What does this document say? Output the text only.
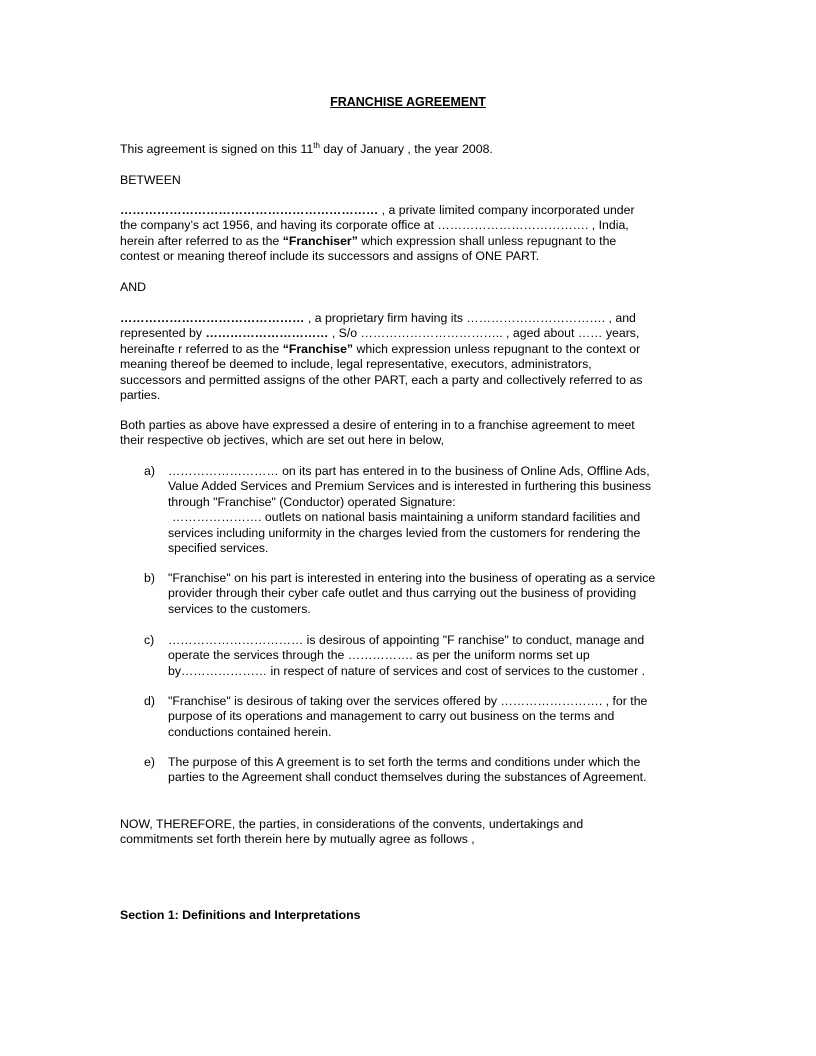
FRANCHISE AGREEMENT

This agreement is signed on this 11th day of January , the year 2008.

BETWEEN

……………………………………………………… , a private limited company incorporated under
the company’s act 1956, and having its corporate office at ………………………………. , India,
herein after referred to as the “Franchiser” which expression shall unless repugnant to the
contest or meaning thereof include its successors and assigns of ONE PART.

AND

……………………………………… , a proprietary firm having its ……………………………. , and
represented by ………………………… , S/o …………………………….. , aged about …… years,
hereinafte r referred to as the “Franchise” which expression unless repugnant to the context or
meaning thereof be deemed to include, legal representative, executors, administrators,
successors and permitted assigns of the other PART, each a party and collectively referred to as
parties.

Both parties as above have expressed a desire of entering in to a franchise agreement to meet
their respective ob jectives, which are set out here in below,

a)	……………………… on its part has entered in to the business of Online Ads, Offline Ads,
Value Added Services and Premium Services and is interested in furthering this business
through "Franchise" (Conductor) operated Signature:
…………………. outlets on national basis maintaining a uniform standard facilities and
services including uniformity in the charges levied from the customers for rendering the
specified services.

b)	"Franchise" on his part is interested in entering into the business of operating as a service
provider through their cyber cafe outlet and thus carrying out the business of providing
services to the customers.

c)	…………………………… is desirous of appointing "F ranchise" to conduct, manage and
operate the services through the ……………. as per the uniform norms set up
by………………… in respect of nature of services and cost of services to the customer .

d)	"Franchise" is desirous of taking over the services offered by ……………………. , for the
purpose of its operations and management to carry out business on the terms and
conductions contained herein.

e)	The purpose of this A greement is to set forth the terms and conditions under which the
parties to the Agreement shall conduct themselves during the substances of Agreement.

NOW, THEREFORE, the parties, in considerations of the convents, undertakings and
commitments set forth therein here by mutually agree as follows ,

Section 1: Definitions and Interpretations
